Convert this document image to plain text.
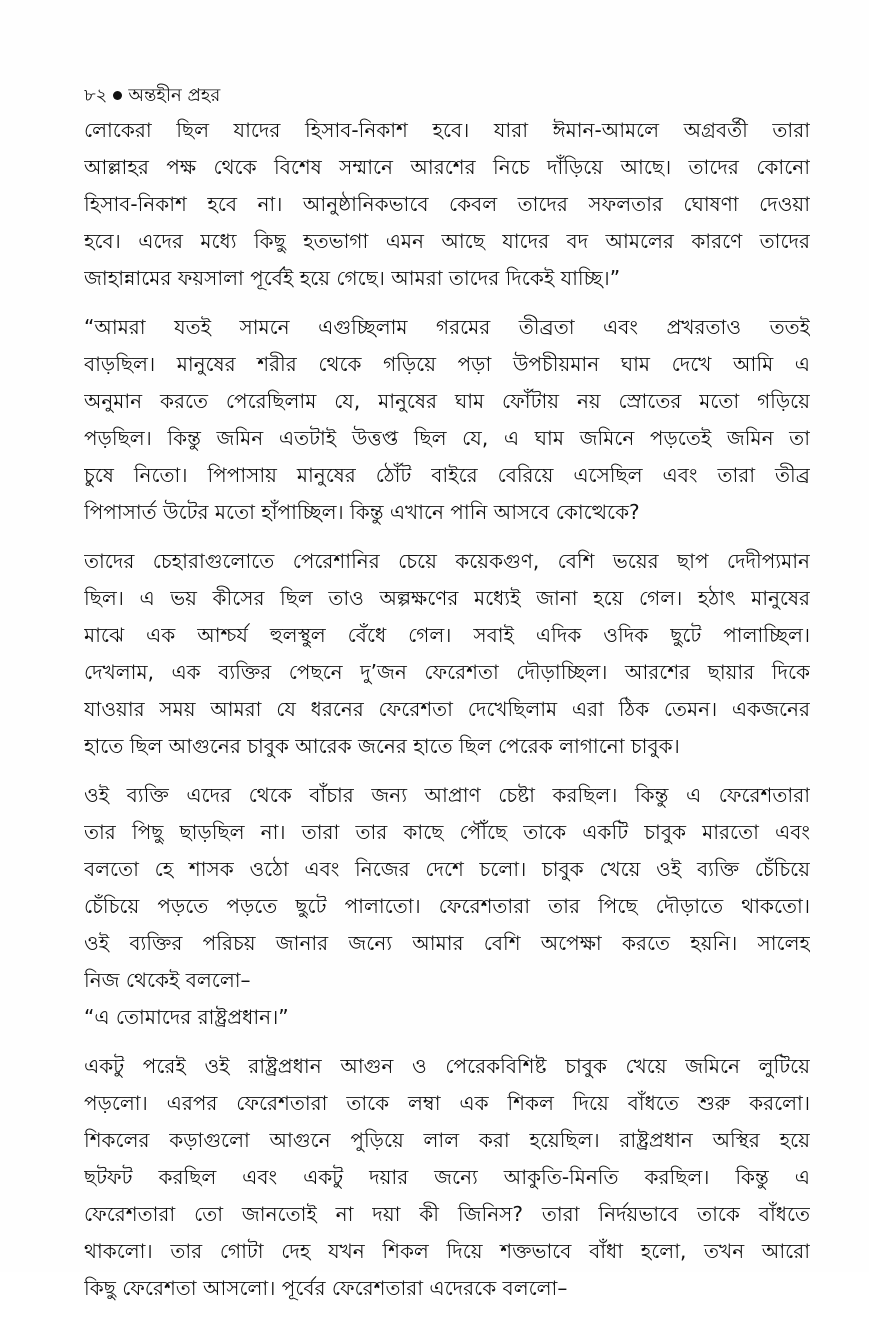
৮২ অন্তহীন প্রহর
লোকেরা ছিল যাদের হিসাব-নিকাশ হবে। যারা ঈমান-আমলে অগ্রবর্তী তারা
আল্লাহর পক্ষ থেকে বিশেষ সম্মানে আরশের নিচে দাঁড়িয়ে আছে। তাদের কোনো
হিসাব-নিকাশ হবে না। আনুষ্ঠানিকভাবে কেবল তাদের সফলতার ঘোষণা দেওয়া
হবে। এদের মধ্যে কিছু হতভাগা এমন আছে যাদের বদ আমলের কারণে তাদের
জাহান্নামের ফয়সালা পূর্বেই হয়ে গেছে। আমরা তাদের দিকেই যাচ্ছি।”
“আমরা যতই সামনে এগুচ্ছিলাম গরমের তীব্রতা এবং প্রখরতাও ততই
বাড়ছিল। মানুষের শরীর থেকে গড়িয়ে পড়া উপচীয়মান ঘাম দেখে আমি এ
অনুমান করতে পেরেছিলাম যে, মানুষের ঘাম ফোঁটায় নয় স্রোতের মতো গড়িয়ে
পড়ছিল। কিন্তু জমিন এতটাই উত্তপ্ত ছিল যে, এ ঘাম জমিনে পড়তেই জমিন তা
চুষে নিতো। পিপাসায় মানুষের ঠোঁট বাইরে বেরিয়ে এসেছিল এবং তারা তীব্র
পিপাসার্ত উটের মতো হাঁপাচ্ছিল। কিন্তু এখানে পানি আসবে কোত্থেকে?
তাদের চেহারাগুলোতে পেরেশানির চেয়ে কয়েকগুণ, বেশি ভয়ের ছাপ দেদীপ্যমান
ছিল। এ ভয় কীসের ছিল তাও অল্পক্ষণের মধ্যেই জানা হয়ে গেল। হঠাৎ মানুষের
মাঝে এক আশ্চর্য হুলস্থুল বেঁধে গেল। সবাই এদিক ওদিক ছুটে পালাচ্ছিল।
দেখলাম, এক ব্যক্তির পেছনে দু’জন ফেরেশতা দৌড়াচ্ছিল। আরশের ছায়ার দিকে
যাওয়ার সময় আমরা যে ধরনের ফেরেশতা দেখেছিলাম এরা ঠিক তেমন। একজনের
হাতে ছিল আগুনের চাবুক আরেক জনের হাতে ছিল পেরেক লাগানো চাবুক।
ওই ব্যক্তি এদের থেকে বাঁচার জন্য আপ্রাণ চেষ্টা করছিল। কিন্তু এ ফেরেশতারা
তার পিছু ছাড়ছিল না। তারা তার কাছে পৌঁছে তাকে একটি চাবুক মারতো এবং
বলতো হে শাসক ওঠো এবং নিজের দেশে চলো। চাবুক খেয়ে ওই ব্যক্তি চেঁচিয়ে
চেঁচিয়ে পড়তে পড়তে ছুটে পালাতো। ফেরেশতারা তার পিছে দৌড়াতে থাকতো।
ওই ব্যক্তির পরিচয় জানার জন্যে আমার বেশি অপেক্ষা করতে হয়নি। সালেহ
নিজ থেকেই বললো–
“এ তোমাদের রাষ্ট্রপ্রধান।”
একটু পরেই ওই রাষ্ট্রপ্রধান আগুন ও পেরেকবিশিষ্ট চাবুক খেয়ে জমিনে লুটিয়ে
পড়লো। এরপর ফেরেশতারা তাকে লম্বা এক শিকল দিয়ে বাঁধতে শুরু করলো।
শিকলের কড়াগুলো আগুনে পুড়িয়ে লাল করা হয়েছিল। রাষ্ট্রপ্রধান অস্থির হয়ে
ছটফট করছিল এবং একটু দয়ার জন্যে আকুতি-মিনতি করছিল। কিন্তু এ
ফেরেশতারা তো জানতোই না দয়া কী জিনিস? তারা নির্দয়ভাবে তাকে বাঁধতে
থাকলো। তার গোটা দেহ যখন শিকল দিয়ে শক্তভাবে বাঁধা হলো, তখন আরো
কিছু ফেরেশতা আসলো। পূর্বের ফেরেশতারা এদেরকে বললো–
